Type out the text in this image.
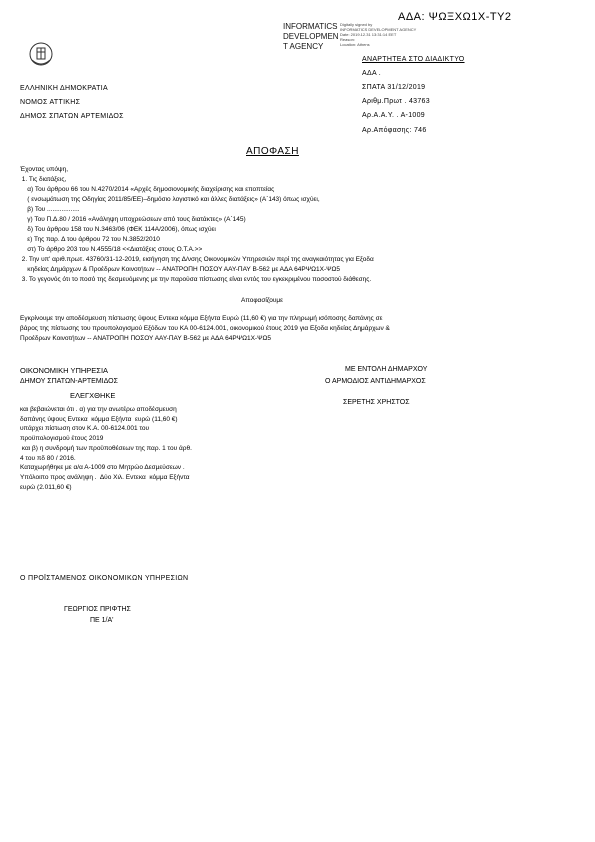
ΑΔΑ: ΨΩΞΧΩ1Χ-ΤΥ2
INFORMATICS
DEVELOPMEN
T AGENCY
Digitally signed by
INFORMATICS DEVELOPMENT AGENCY
Date: 2019.12.31 13:31:14 EET
Reason:
Location: Athens
ΑΝΑΡΤΗΤΕΑ ΣΤΟ ΔΙΑΔΙΚΤΥΟ
ΑΔΑ .
ΣΠΑΤΑ 31/12/2019
Αριθμ.Πρωτ . 43763
Αρ.Α.Α.Υ. . Α-1009
Αρ.Απόφασης: 746
ΕΛΛΗΝΙΚΗ ΔΗΜΟΚΡΑΤΙΑ
ΝΟΜΟΣ ΑΤΤΙΚΗΣ
ΔΗΜΟΣ ΣΠΑΤΩΝ ΑΡΤΕΜΙΔΟΣ
ΑΠΟΦΑΣΗ
Έχοντας υπόψη,
1. Τις διατάξεις,
α) Του άρθρου 66 του Ν.4270/2014 «Αρχές δημοσιονομικής διαχείρισης και εποπτείας
( ενσωμάτωση της Οδηγίας 2011/85/ΕΕ)–δημόσιο λογιστικό και άλλες διατάξεις» (Α΄143) όπως ισχύει,
β) Του ..................
γ) Του Π.Δ.80 / 2016 «Ανάληψη υποχρεώσεων από τους διατάκτες» (Α΄145)
δ) Του άρθρου 158 του Ν.3463/06 (ΦΕΚ 114Α/2006), όπως ισχύει
ε) Της παρ. Δ του άρθρου 72 του Ν.3852/2010
στ) Το άρθρο 203 του Ν.4555/18 <<Διατάξεις στους Ο.Τ.Α.>>
2. Την υπ' αριθ.πρωτ. 43760/31-12-2019, εισήγηση της Δ/νσης Οικονομικών Υπηρεσιών περί της αναγκαιότητας για Εξοδα
κηδείας Δημάρχων & Προέδρων Κοινοτήτων -- ΑΝΑΤΡΟΠΗ ΠΟΣΟΥ ΑΑΥ-ΠΑΥ Β-562 με ΑΔΑ 64ΡΨΩ1Χ-ΨΩ5
3. Το γεγονός ότι το ποσό της δεσμευόμενης με την παρούσα πίστωσης είναι εντός του εγκεκριμένου ποσοστού διάθεσης.
Αποφασίζουμε
Εγκρίνουμε την αποδέσμευση πίστωσης ύψους Εντεκα κόμμα Εξήντα Ευρώ (11,60 €) για την πληρωμή ισόποσης δαπάνης σε
βάρος της πίστωσης του προυπολογισμού Εξόδων του ΚΑ 00-6124.001, οικονομικού έτους 2019 για Εξοδα κηδείας Δημάρχων &
Προέδρων Κοινοτήτων -- ΑΝΑΤΡΟΠΗ ΠΟΣΟΥ ΑΑΥ-ΠΑΥ Β-562 με ΑΔΑ 64ΡΨΩ1Χ-ΨΩ5
ΟΙΚΟΝΟΜΙΚΗ ΥΠΗΡΕΣΙΑ
ΔΗΜΟΥ ΣΠΑΤΩΝ-ΑΡΤΕΜΙΔΟΣ
ΕΛΕΓΧΘΗΚΕ
και βεβαιώνεται ότι . α) για την ανωτέρω αποδέσμευση
δαπάνης ύψους Εντεκα  κόμμα Εξήντα  ευρώ (11,60 €)
υπάρχει πίστωση στον Κ.Α. 00-6124.001 του
προϋπολογισμού έτους 2019
και β) η συνδρομή των προϋποθέσεων της παρ. 1 του άρθ.
4 του πδ 80 / 2016.
Καταχωρήθηκε με α/α Α-1009 στο Μητρώο Δεσμεύσεων .
Υπόλοιπο προς ανάληψη .  Δύο Χιλ. Εντεκα  κόμμα Εξήντα
ευρώ (2.011,60 €)
ΜΕ ΕΝΤΟΛΗ ΔΗΜΑΡΧΟΥ
Ο ΑΡΜΟΔΙΟΣ ΑΝΤΙΔΗΜΑΡΧΟΣ
ΣΕΡΕΤΗΣ ΧΡΗΣΤΟΣ
Ο ΠΡΟΪΣΤΑΜΕΝΟΣ ΟΙΚΟΝΟΜΙΚΩΝ ΥΠΗΡΕΣΙΩΝ
ΓΕΩΡΓΙΟΣ ΠΡΙΦΤΗΣ
ΠΕ 1/Α'
